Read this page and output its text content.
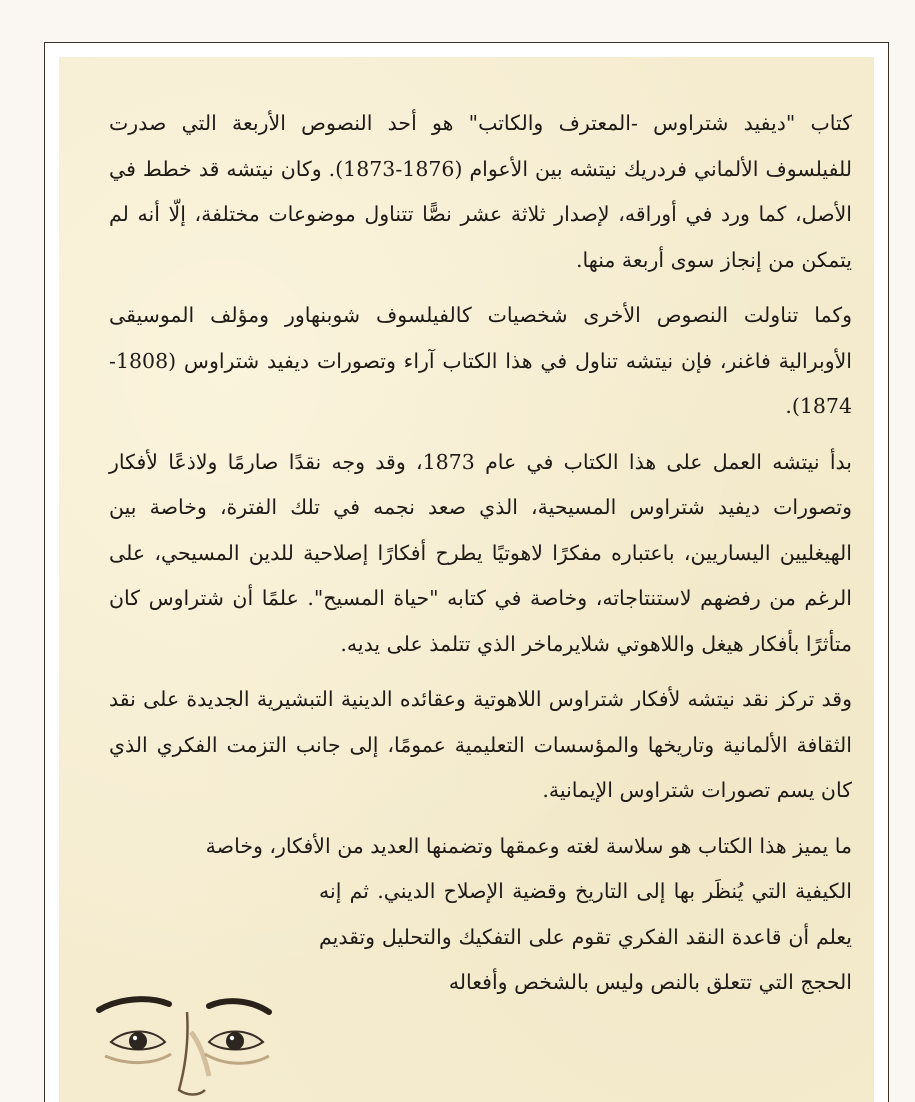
كتاب "ديفيد شتراوس -المعترف والكاتب" هو أحد النصوص الأربعة التي صدرت للفيلسوف الألماني فردريك نيتشه بين الأعوام (1876-1873). وكان نيتشه قد خطط في الأصل، كما ورد في أوراقه، لإصدار ثلاثة عشر نصًّا تتناول موضوعات مختلفة، إلّا أنه لم يتمكن من إنجاز سوى أربعة منها.

وكما تناولت النصوص الأخرى شخصيات كالفيلسوف شوبنهاور ومؤلف الموسيقى الأوبرالية فاغنر، فإن نيتشه تناول في هذا الكتاب آراء وتصورات ديفيد شتراوس (1808-1874).

بدأ نيتشه العمل على هذا الكتاب في عام 1873، وقد وجه نقدًا صارمًا ولاذعًا لأفكار وتصورات ديفيد شتراوس المسيحية، الذي صعد نجمه في تلك الفترة، وخاصة بين الهيغليين اليساريين، باعتباره مفكرًا لاهوتيًا يطرح أفكارًا إصلاحية للدين المسيحي، على الرغم من رفضهم لاستنتاجاته، وخاصة في كتابه "حياة المسيح". علمًا أن شتراوس كان متأثرًا بأفكار هيغل واللاهوتي شلايرماخر الذي تتلمذ على يديه.

وقد تركز نقد نيتشه لأفكار شتراوس اللاهوتية وعقائده الدينية التبشيرية الجديدة على نقد الثقافة الألمانية وتاريخها والمؤسسات التعليمية عمومًا، إلى جانب التزمت الفكري الذي كان يسم تصورات شتراوس الإيمانية.

ما يميز هذا الكتاب هو سلاسة لغته وعمقها وتضمنها العديد من الأفكار، وخاصة
الكيفية التي يُنظَر بها إلى التاريخ وقضية الإصلاح الديني. ثم إنه يعلم أن قاعدة النقد الفكري تقوم على التفكيك والتحليل وتقديم الحجج التي تتعلق بالنص وليس بالشخص وأفعاله
